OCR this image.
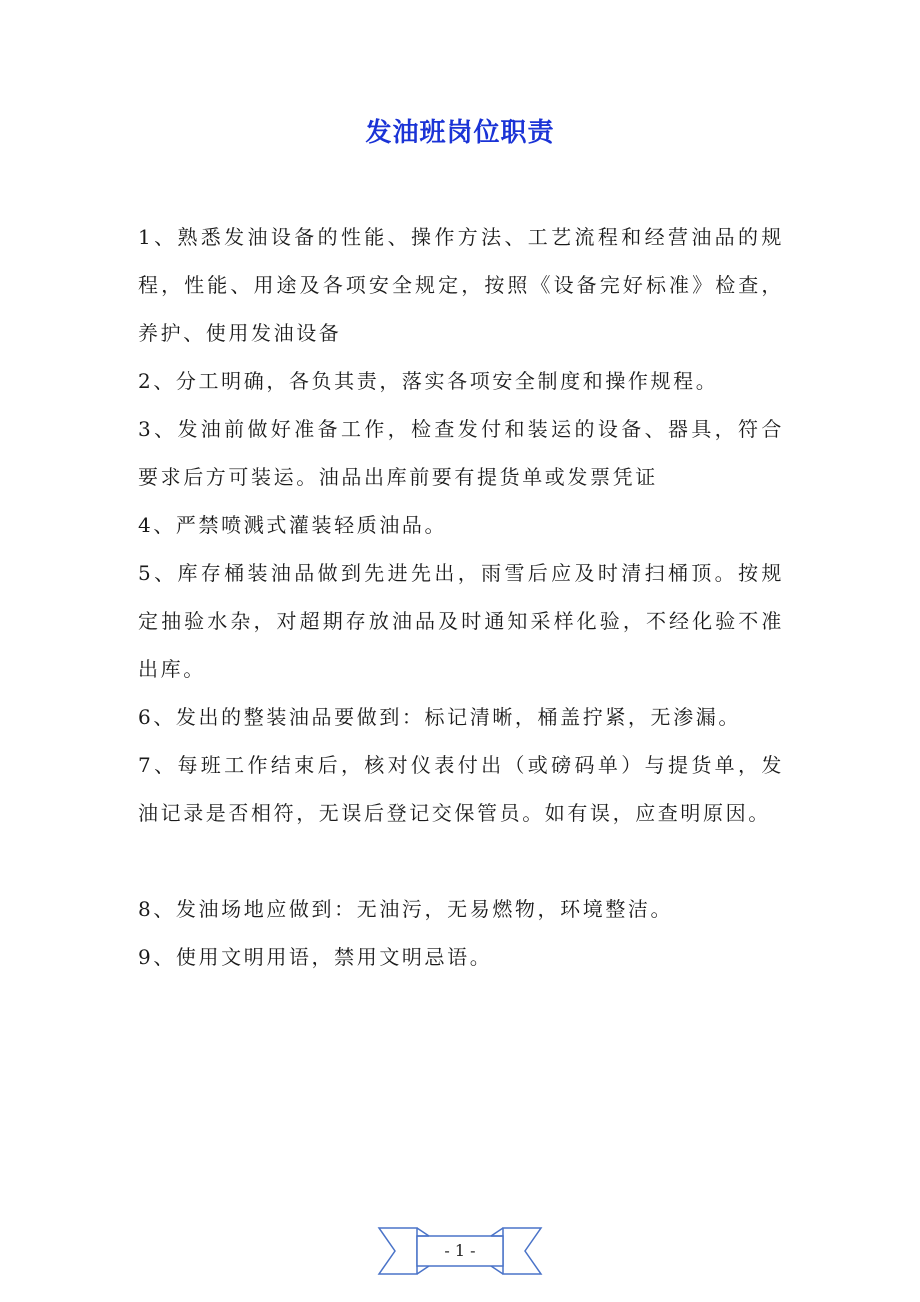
发油班岗位职责

1、熟悉发油设备的性能、操作方法、工艺流程和经营油品的规程，性能、用途及各项安全规定，按照《设备完好标准》检查，养护、使用发油设备

2、分工明确，各负其责，落实各项安全制度和操作规程。

3、发油前做好准备工作，检查发付和装运的设备、器具，符合要求后方可装运。油品出库前要有提货单或发票凭证

4、严禁喷溅式灌装轻质油品。

5、库存桶装油品做到先进先出，雨雪后应及时清扫桶顶。按规定抽验水杂，对超期存放油品及时通知采样化验，不经化验不准出库。

6、发出的整装油品要做到：标记清晰，桶盖拧紧，无渗漏。

7、每班工作结束后，核对仪表付出（或磅码单）与提货单，发油记录是否相符，无误后登记交保管员。如有误，应查明原因。

8、发油场地应做到：无油污，无易燃物，环境整洁。

9、使用文明用语，禁用文明忌语。

- 1 -
